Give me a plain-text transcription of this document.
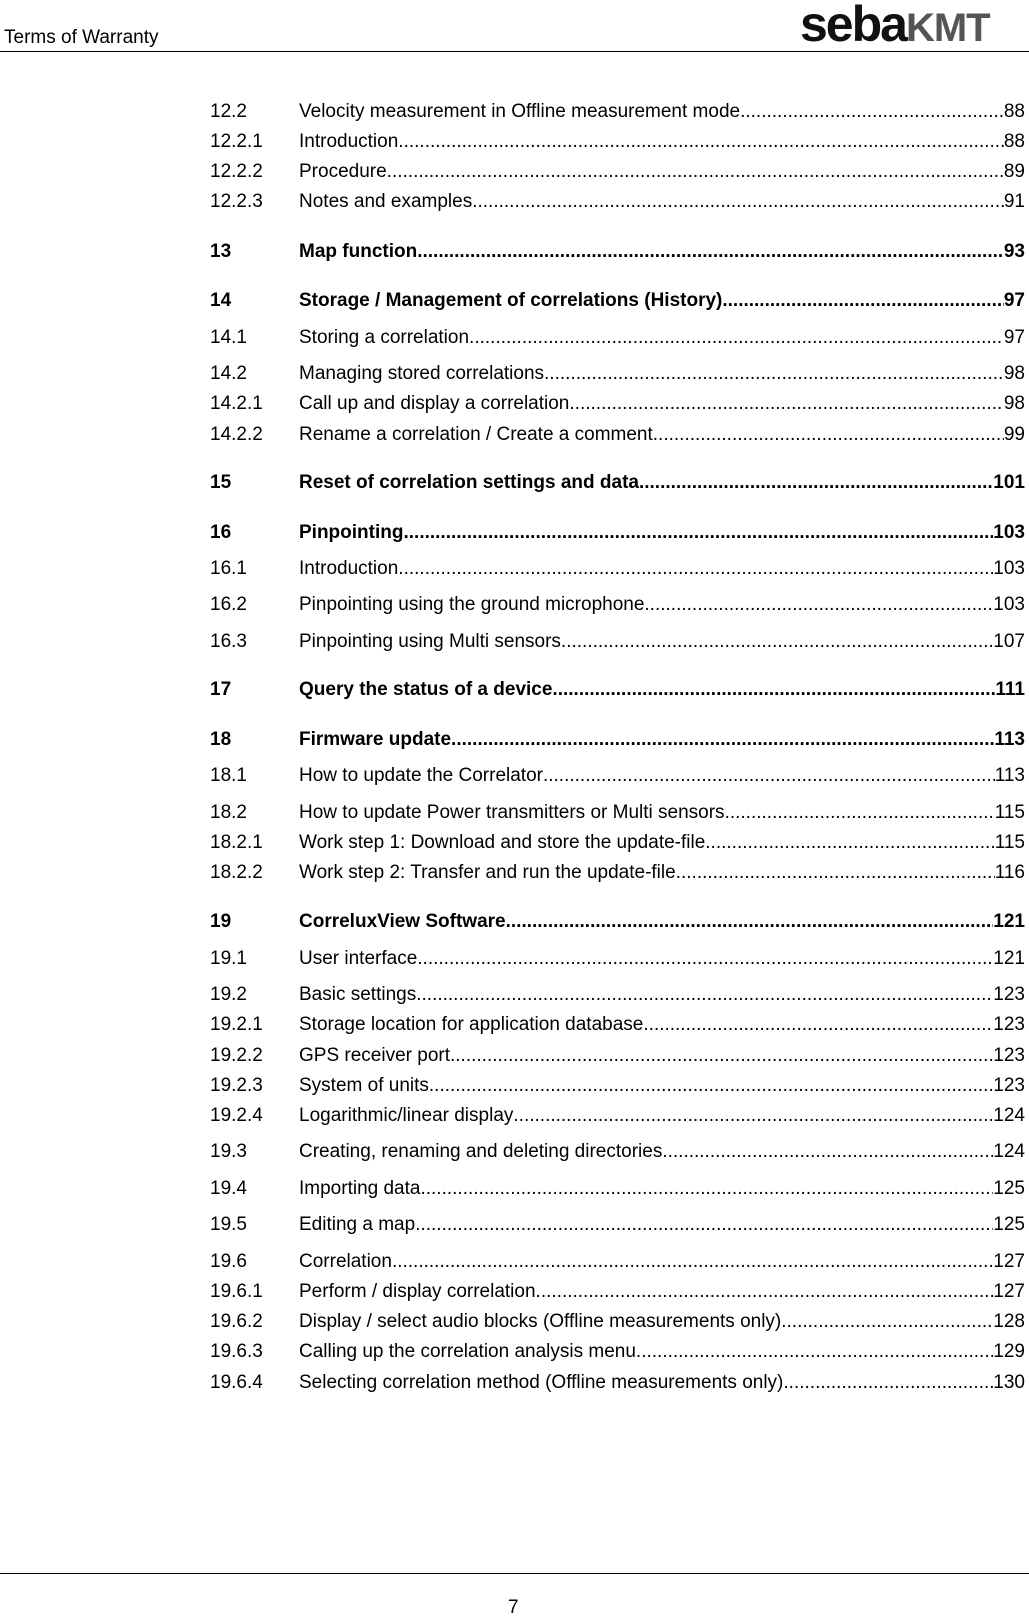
Terms of Warranty	sebaKMT
12.2	Velocity measurement in Offline measurement mode .....	88
12.2.1	Introduction .....	88
12.2.2	Procedure .....	89
12.2.3	Notes and examples .....	91
13	Map function .....	93
14	Storage / Management of correlations (History) .....	97
14.1	Storing a correlation .....	97
14.2	Managing stored correlations .....	98
14.2.1	Call up and display a correlation .....	98
14.2.2	Rename a correlation / Create a comment .....	99
15	Reset of correlation settings and data .....	101
16	Pinpointing .....	103
16.1	Introduction .....	103
16.2	Pinpointing using the ground microphone .....	103
16.3	Pinpointing using Multi sensors .....	107
17	Query the status of a device .....	111
18	Firmware update .....	113
18.1	How to update the Correlator .....	113
18.2	How to update Power transmitters or Multi sensors .....	115
18.2.1	Work step 1: Download and store the update-file .....	115
18.2.2	Work step 2: Transfer and run the update-file .....	116
19	CorreluxView Software .....	121
19.1	User interface .....	121
19.2	Basic settings .....	123
19.2.1	Storage location for application database .....	123
19.2.2	GPS receiver port .....	123
19.2.3	System of units .....	123
19.2.4	Logarithmic/linear display .....	124
19.3	Creating, renaming and deleting directories .....	124
19.4	Importing data .....	125
19.5	Editing a map .....	125
19.6	Correlation .....	127
19.6.1	Perform / display correlation .....	127
19.6.2	Display / select audio blocks (Offline measurements only) .....	128
19.6.3	Calling up the correlation analysis menu .....	129
19.6.4	Selecting correlation method (Offline measurements only) .....	130
7
